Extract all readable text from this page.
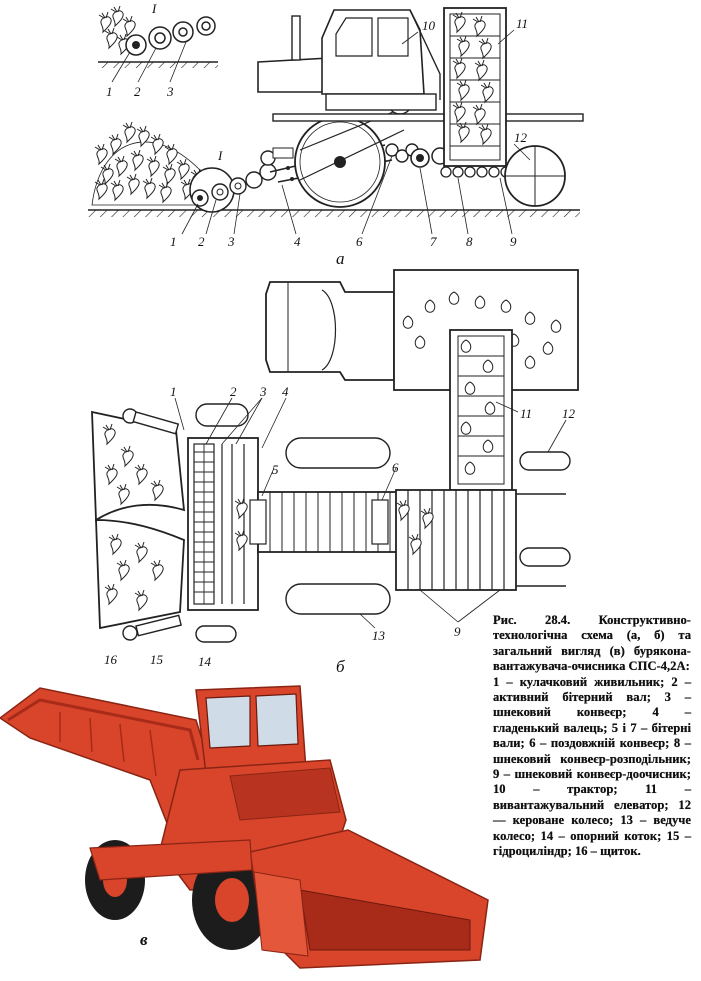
I
1 2 3
I
1 2 3	4	6	7 8	9
10	11
12
а
1	2 3 4
5	6
11 12
13	9
16	15	14	б
в
Рис. 28.4. Конструктивно-технологічна схема (а, б) та загальний вигляд (в) буряконавантажувача-очисника СПС-4,2А:
1 – кулачковий живильник; 2 – активний бітерний вал; 3 – шнековий конвеєр; 4 – гладенький валець; 5 і 7 – бітерні вали; 6 – поздовжній конвеєр; 8 – шнековий конвеєр-розподільник; 9 – шнековий конвеєр-доочисник; 10 – трактор; 11 – вивантажувальний елеватор; 12 — кероване колесо; 13 – ведуче колесо; 14 – опорний коток; 15 – гідроциліндр; 16 – щиток.
